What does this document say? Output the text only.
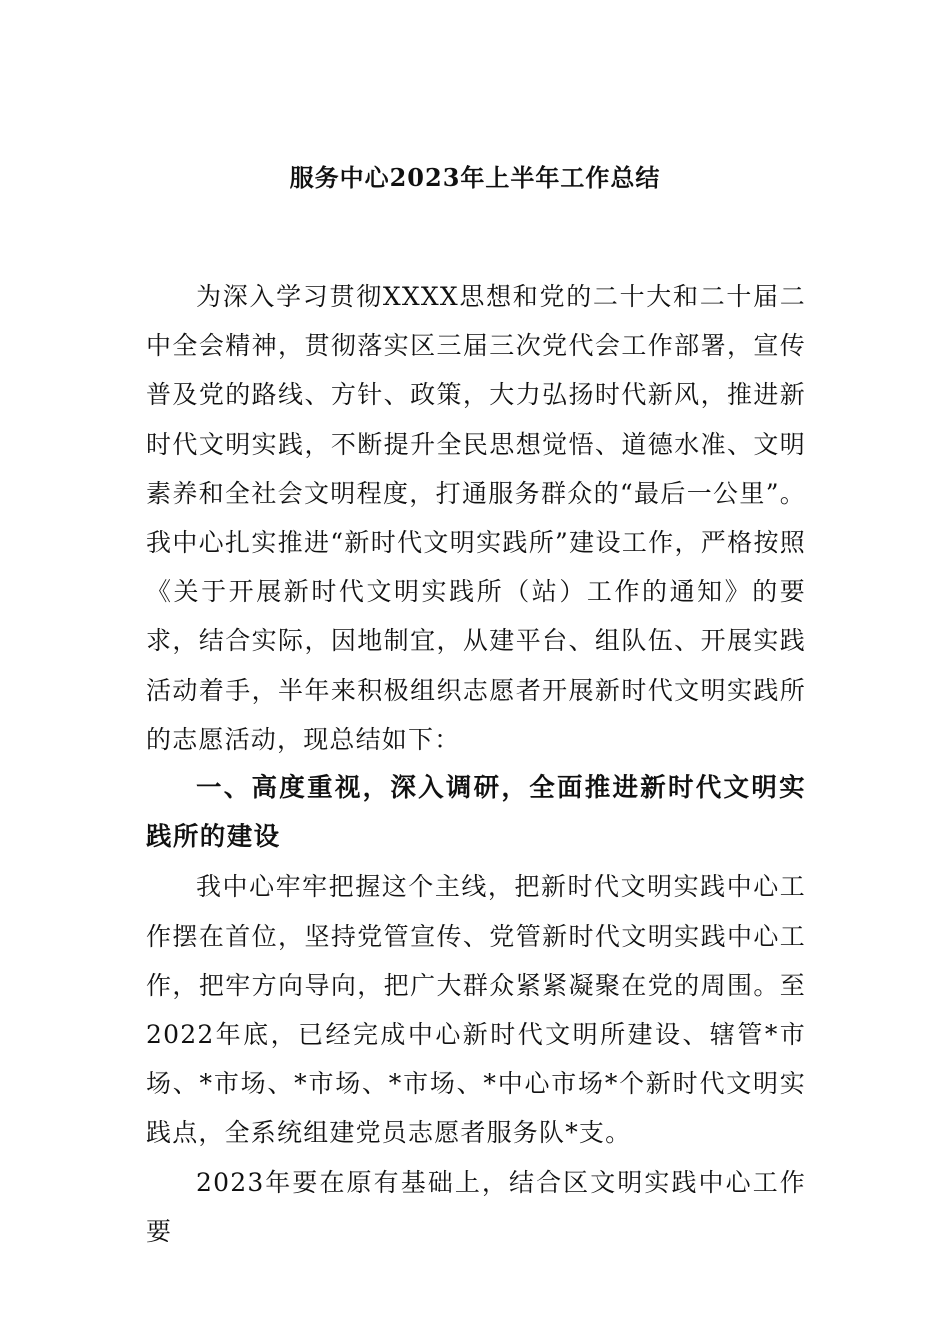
服务中心2023年上半年工作总结

为深入学习贯彻XXXX思想和党的二十大和二十届二中全会精神，贯彻落实区三届三次党代会工作部署，宣传普及党的路线、方针、政策，大力弘扬时代新风，推进新时代文明实践，不断提升全民思想觉悟、道德水准、文明素养和全社会文明程度，打通服务群众的“最后一公里”。我中心扎实推进“新时代文明实践所”建设工作，严格按照《关于开展新时代文明实践所（站）工作的通知》的要求，结合实际，因地制宜，从建平台、组队伍、开展实践活动着手，半年来积极组织志愿者开展新时代文明实践所的志愿活动，现总结如下：

一、高度重视，深入调研，全面推进新时代文明实践所的建设

我中心牢牢把握这个主线，把新时代文明实践中心工作摆在首位，坚持党管宣传、党管新时代文明实践中心工作，把牢方向导向，把广大群众紧紧凝聚在党的周围。至2022年底，已经完成中心新时代文明所建设、辖管*市场、*市场、*市场、*市场、*中心市场*个新时代文明实践点，全系统组建党员志愿者服务队*支。

2023年要在原有基础上，结合区文明实践中心工作要
